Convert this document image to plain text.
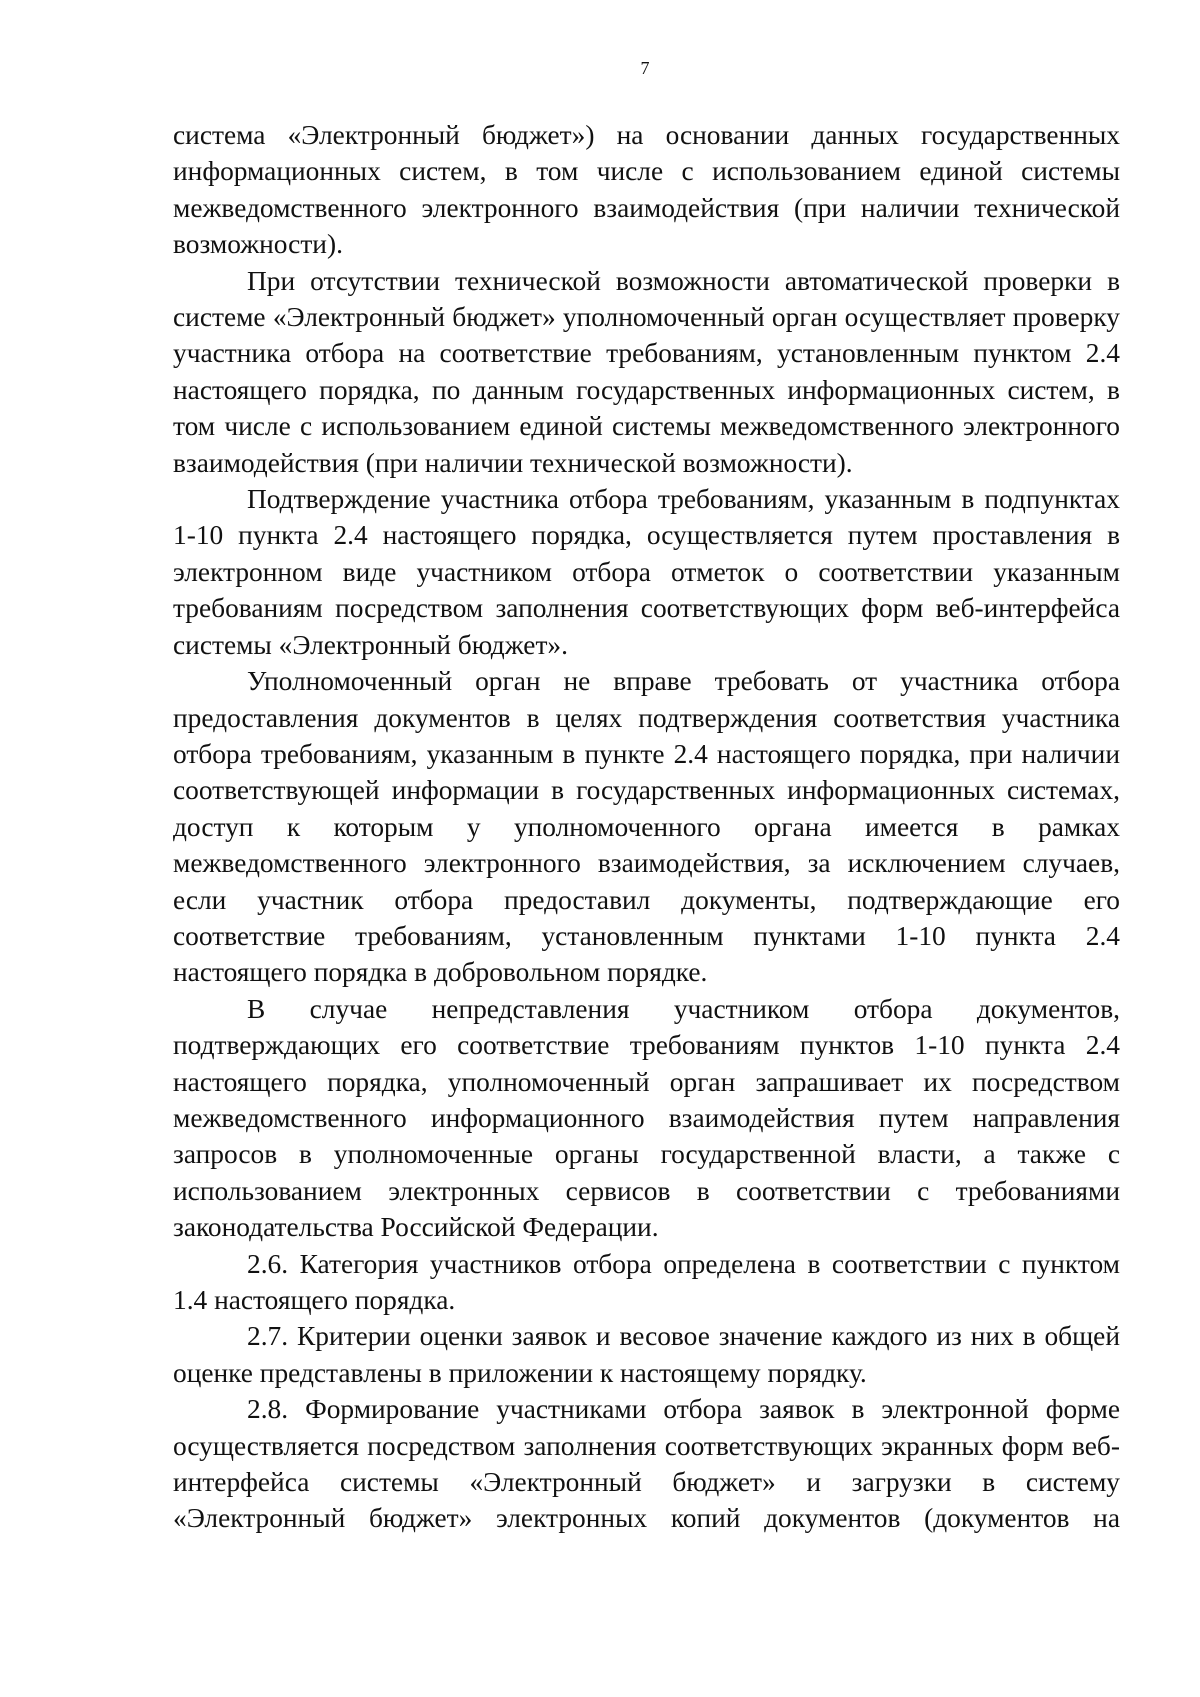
7

система «Электронный бюджет») на основании данных государственных информационных систем, в том числе с использованием единой системы межведомственного электронного взаимодействия (при наличии технической возможности).

При отсутствии технической возможности автоматической проверки в системе «Электронный бюджет» уполномоченный орган осуществляет проверку участника отбора на соответствие требованиям, установленным пунктом 2.4 настоящего порядка, по данным государственных информационных систем, в том числе с использованием единой системы межведомственного электронного взаимодействия (при наличии технической возможности).

Подтверждение участника отбора требованиям, указанным в подпунктах 1-10 пункта 2.4 настоящего порядка, осуществляется путем проставления в электронном виде участником отбора отметок о соответствии указанным требованиям посредством заполнения соответствующих форм веб-интерфейса системы «Электронный бюджет».

Уполномоченный орган не вправе требовать от участника отбора предоставления документов в целях подтверждения соответствия участника отбора требованиям, указанным в пункте 2.4 настоящего порядка, при наличии соответствующей информации в государственных информационных системах, доступ к которым у уполномоченного органа имеется в рамках межведомственного электронного взаимодействия, за исключением случаев, если участник отбора предоставил документы, подтверждающие его соответствие требованиям, установленным пунктами 1-10 пункта 2.4 настоящего порядка в добровольном порядке.

В случае непредставления участником отбора документов, подтверждающих его соответствие требованиям пунктов 1-10 пункта 2.4 настоящего порядка, уполномоченный орган запрашивает их посредством межведомственного информационного взаимодействия путем направления запросов в уполномоченные органы государственной власти, а также с использованием электронных сервисов в соответствии с требованиями законодательства Российской Федерации.

2.6. Категория участников отбора определена в соответствии с пунктом 1.4 настоящего порядка.

2.7. Критерии оценки заявок и весовое значение каждого из них в общей оценке представлены в приложении к настоящему порядку.

2.8. Формирование участниками отбора заявок в электронной форме осуществляется посредством заполнения соответствующих экранных форм веб-интерфейса системы «Электронный бюджет» и загрузки в систему «Электронный бюджет» электронных копий документов (документов на
